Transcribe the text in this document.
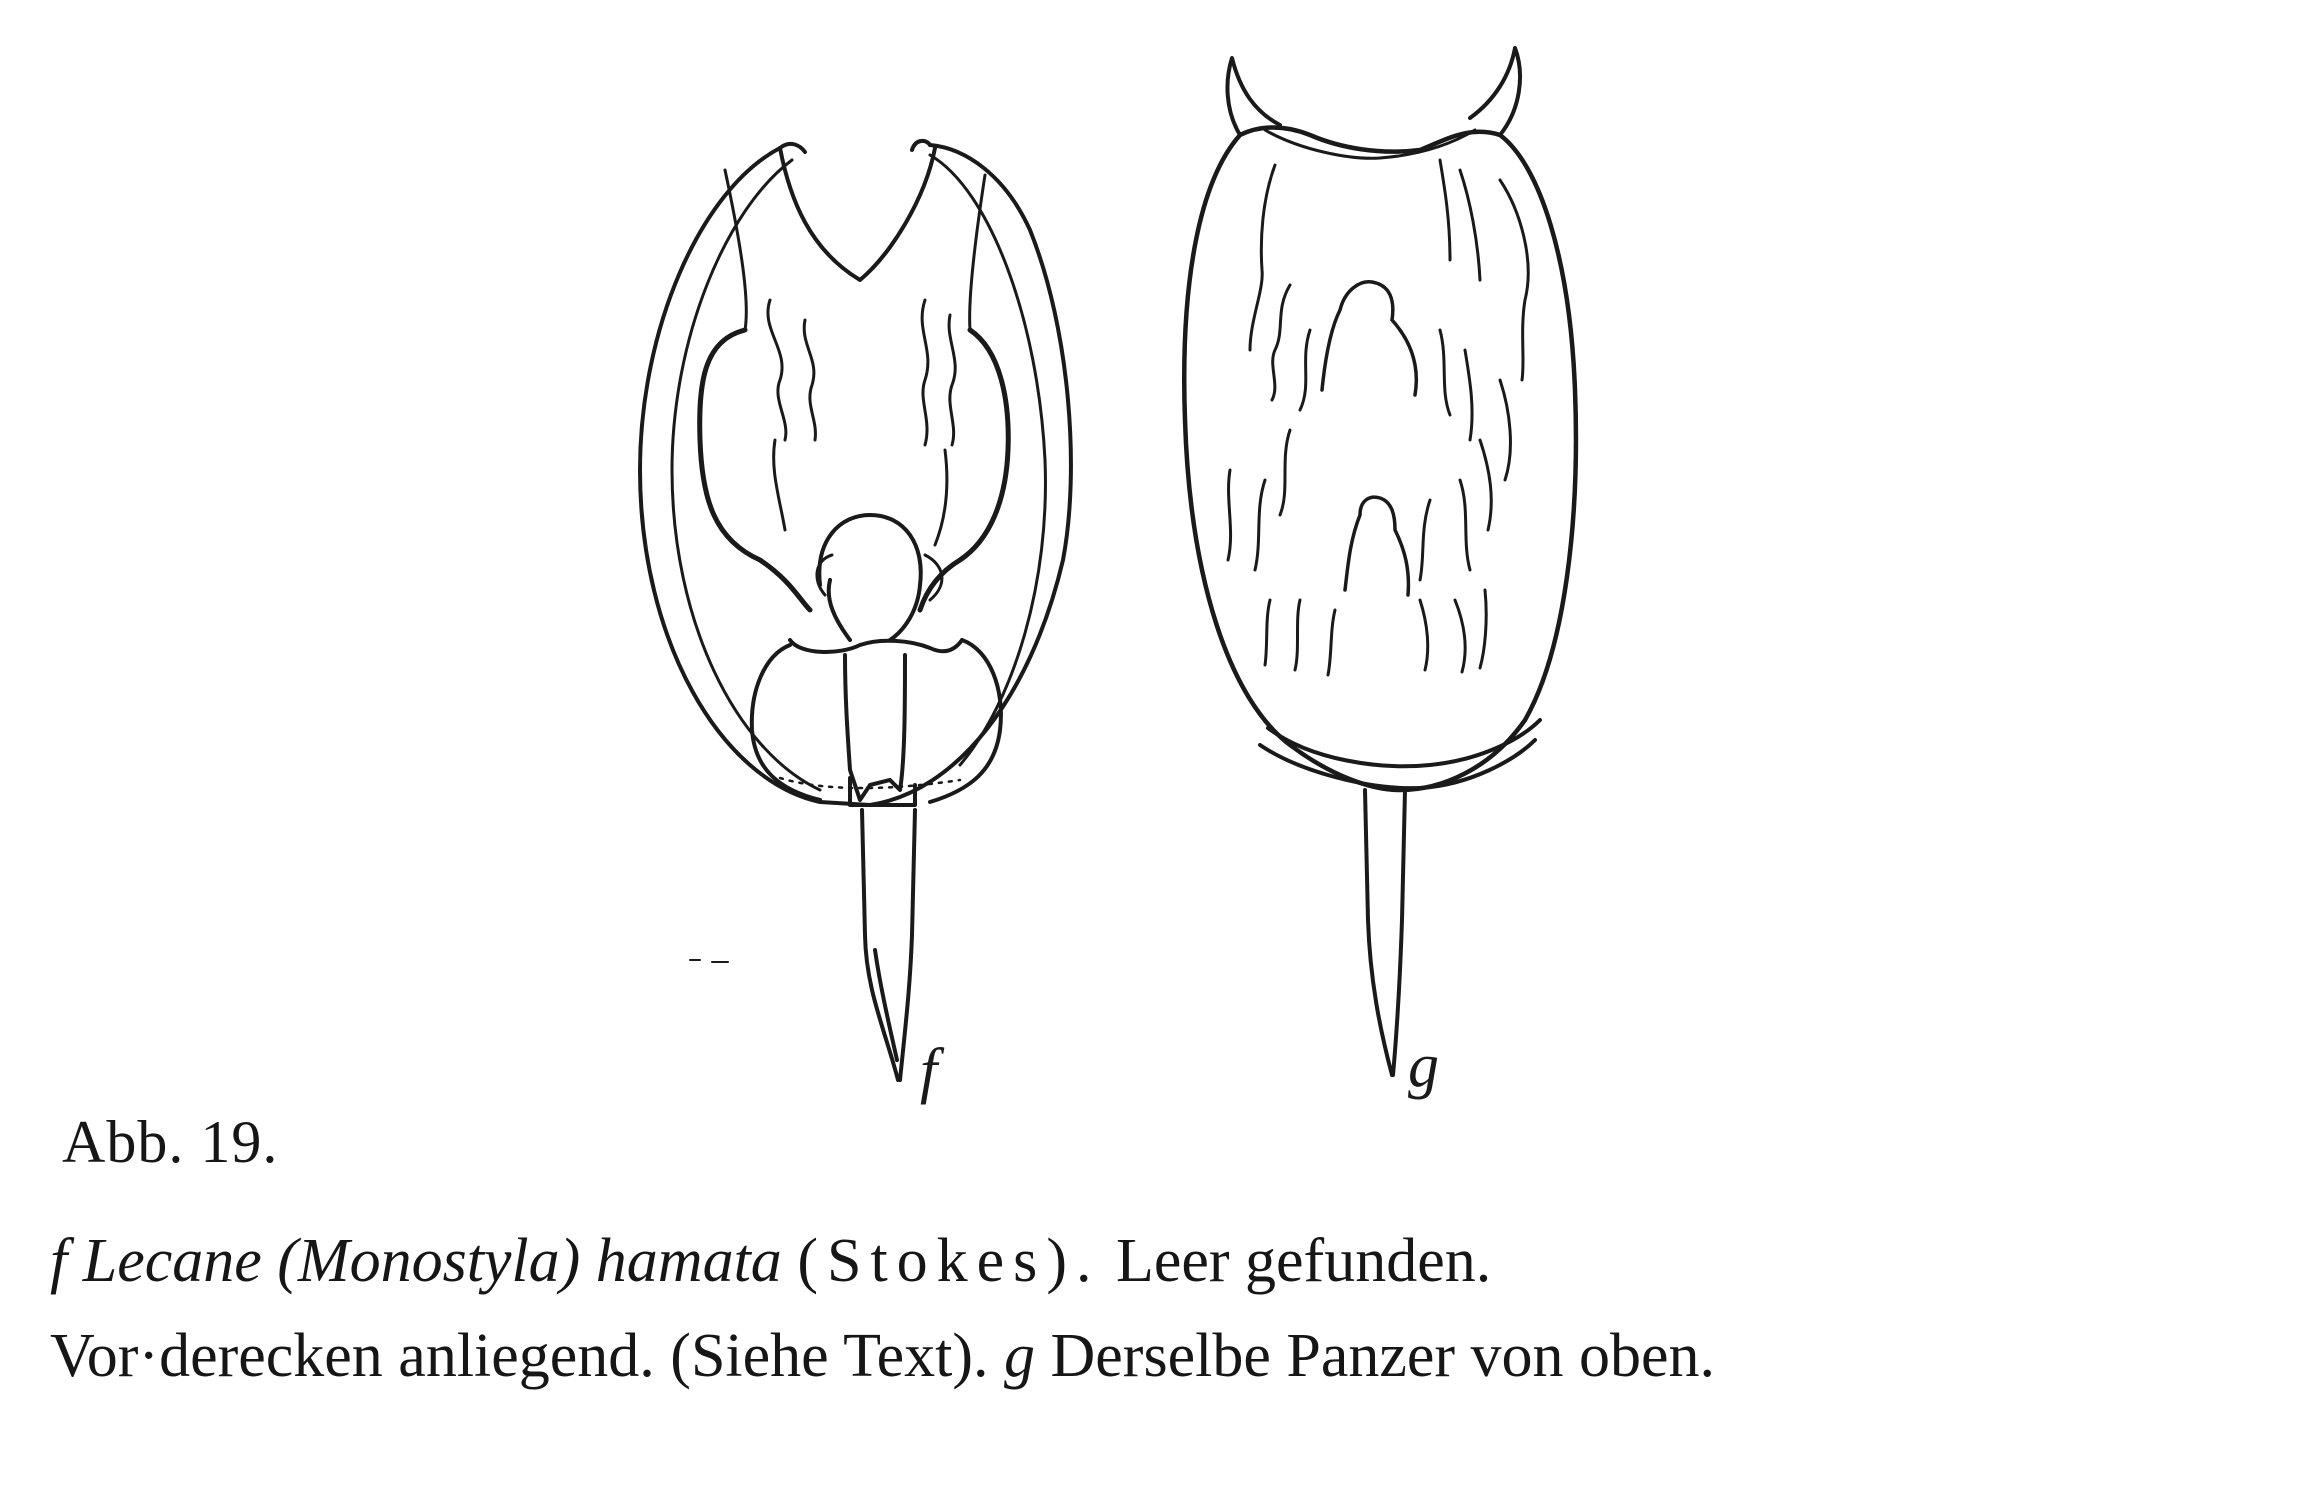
f	g
Abb. 19.
f Lecane (Monostyla) hamata (Stokes). Leer gefunden.
Vor·derecken anliegend. (Siehe Text). g Derselbe Panzer von oben.
